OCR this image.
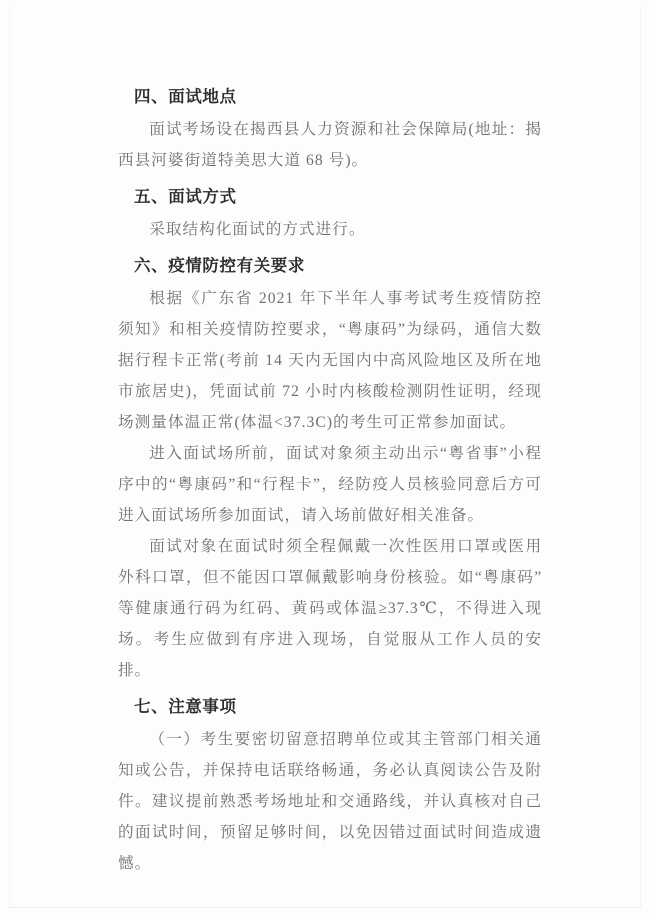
四、面试地点

面试考场设在揭西县人力资源和社会保障局(地址：揭西县河婆街道特美思大道 68 号)。

五、面试方式

采取结构化面试的方式进行。

六、疫情防控有关要求

根据《广东省 2021 年下半年人事考试考生疫情防控须知》和相关疫情防控要求，“粤康码”为绿码，通信大数据行程卡正常(考前 14 天内无国内中高风险地区及所在地市旅居史)，凭面试前 72 小时内核酸检测阴性证明，经现场测量体温正常(体温<37.3C)的考生可正常参加面试。

进入面试场所前，面试对象须主动出示“粤省事”小程序中的“粤康码”和“行程卡”，经防疫人员核验同意后方可进入面试场所参加面试，请入场前做好相关准备。

面试对象在面试时须全程佩戴一次性医用口罩或医用外科口罩，但不能因口罩佩戴影响身份核验。如“粤康码”等健康通行码为红码、黄码或体温≥37.3℃，不得进入现场。考生应做到有序进入现场，自觉服从工作人员的安排。

七、注意事项

（一）考生要密切留意招聘单位或其主管部门相关通知或公告，并保持电话联络畅通，务必认真阅读公告及附件。建议提前熟悉考场地址和交通路线，并认真核对自己的面试时间，预留足够时间，以免因错过面试时间造成遗憾。
